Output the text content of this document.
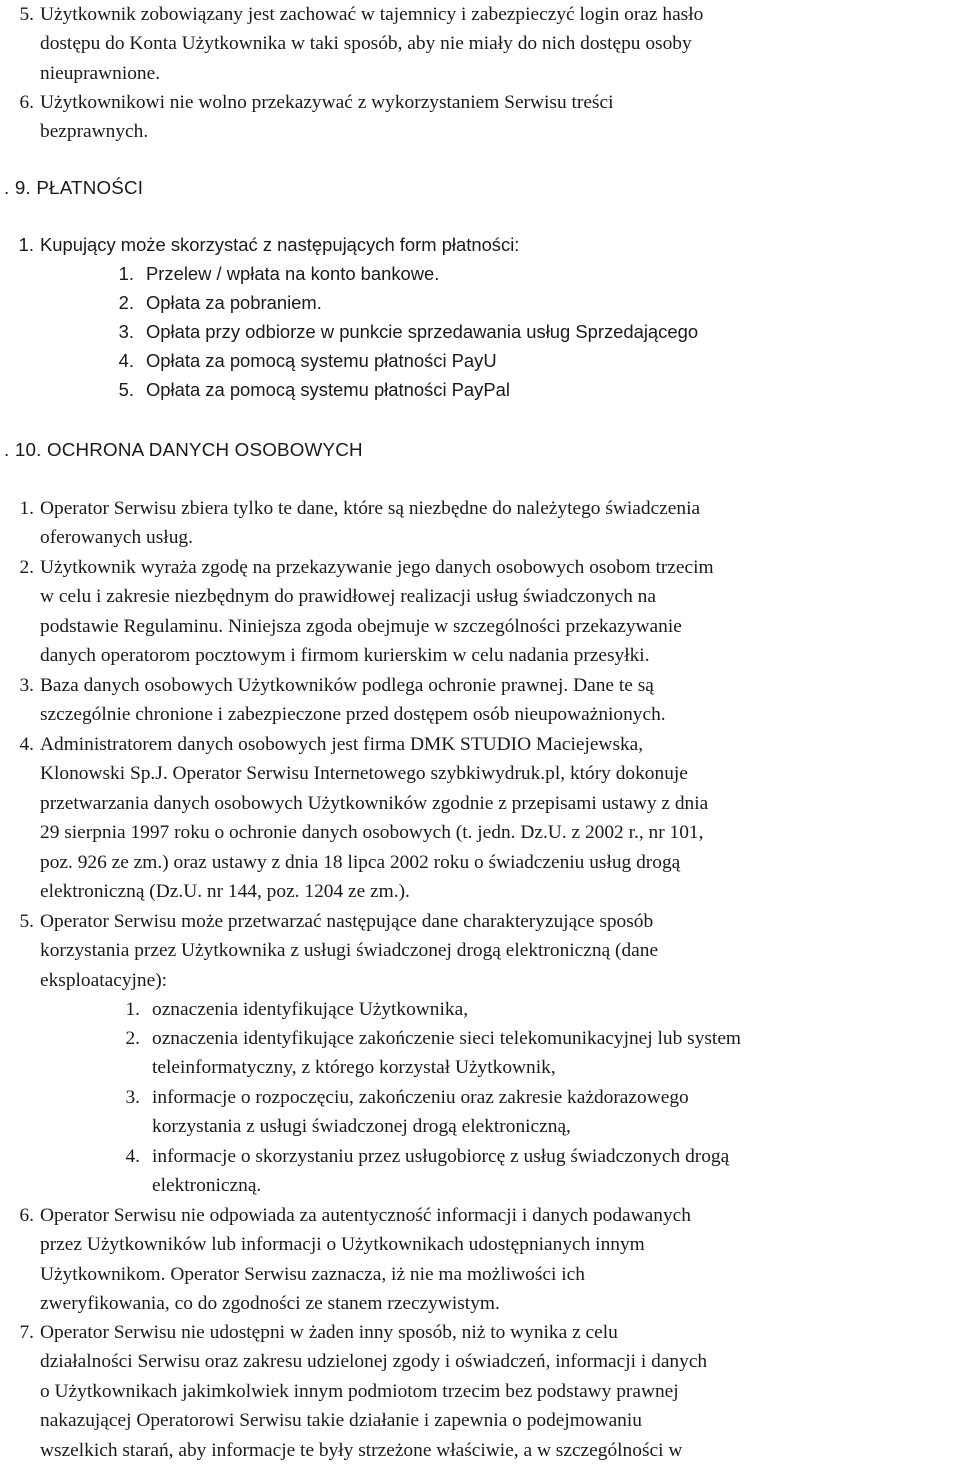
5. Użytkownik zobowiązany jest zachować w tajemnicy i zabezpieczyć login oraz hasło
dostępu do Konta Użytkownika w taki sposób, aby nie miały do nich dostępu osoby
nieuprawnione.
6. Użytkownikowi nie wolno przekazywać z wykorzystaniem Serwisu treści
bezprawnych.
. 9. PŁATNOŚCI
1. Kupujący może skorzystać z następujących form płatności:
1. Przelew / wpłata na konto bankowe.
2. Opłata za pobraniem.
3. Opłata przy odbiorze w punkcie sprzedawania usług Sprzedającego
4. Opłata za pomocą systemu płatności PayU
5. Opłata za pomocą systemu płatności PayPal
. 10. OCHRONA DANYCH OSOBOWYCH
1. Operator Serwisu zbiera tylko te dane, które są niezbędne do należytego świadczenia
oferowanych usług.
2. Użytkownik wyraża zgodę na przekazywanie jego danych osobowych osobom trzecim
w celu i zakresie niezbędnym do prawidłowej realizacji usług świadczonych na
podstawie Regulaminu. Niniejsza zgoda obejmuje w szczególności przekazywanie
danych operatorom pocztowym i firmom kurierskim w celu nadania przesyłki.
3. Baza danych osobowych Użytkowników podlega ochronie prawnej. Dane te są
szczególnie chronione i zabezpieczone przed dostępem osób nieupoważnionych.
4. Administratorem danych osobowych jest firma DMK STUDIO Maciejewska,
Klonowski Sp.J. Operator Serwisu Internetowego szybkiwydruk.pl, który dokonuje
przetwarzania danych osobowych Użytkowników zgodnie z przepisami ustawy z dnia
29 sierpnia 1997 roku o ochronie danych osobowych (t. jedn. Dz.U. z 2002 r., nr 101,
poz. 926 ze zm.) oraz ustawy z dnia 18 lipca 2002 roku o świadczeniu usług drogą
elektroniczną (Dz.U. nr 144, poz. 1204 ze zm.).
5. Operator Serwisu może przetwarzać następujące dane charakteryzujące sposób
korzystania przez Użytkownika z usługi świadczonej drogą elektroniczną (dane
eksploatacyjne):
1. oznaczenia identyfikujące Użytkownika,
2. oznaczenia identyfikujące zakończenie sieci telekomunikacyjnej lub system
teleinformatyczny, z którego korzystał Użytkownik,
3. informacje o rozpoczęciu, zakończeniu oraz zakresie każdorazowego
korzystania z usługi świadczonej drogą elektroniczną,
4. informacje o skorzystaniu przez usługobiorcę z usług świadczonych drogą
elektroniczną.
6. Operator Serwisu nie odpowiada za autentyczność informacji i danych podawanych
przez Użytkowników lub informacji o Użytkownikach udostępnianych innym
Użytkownikom. Operator Serwisu zaznacza, iż nie ma możliwości ich
zweryfikowania, co do zgodności ze stanem rzeczywistym.
7. Operator Serwisu nie udostępni w żaden inny sposób, niż to wynika z celu
działalności Serwisu oraz zakresu udzielonej zgody i oświadczeń, informacji i danych
o Użytkownikach jakimkolwiek innym podmiotom trzecim bez podstawy prawnej
nakazującej Operatorowi Serwisu takie działanie i zapewnia o podejmowaniu
wszelkich starań, aby informacje te były strzeżone właściwie, a w szczególności w
